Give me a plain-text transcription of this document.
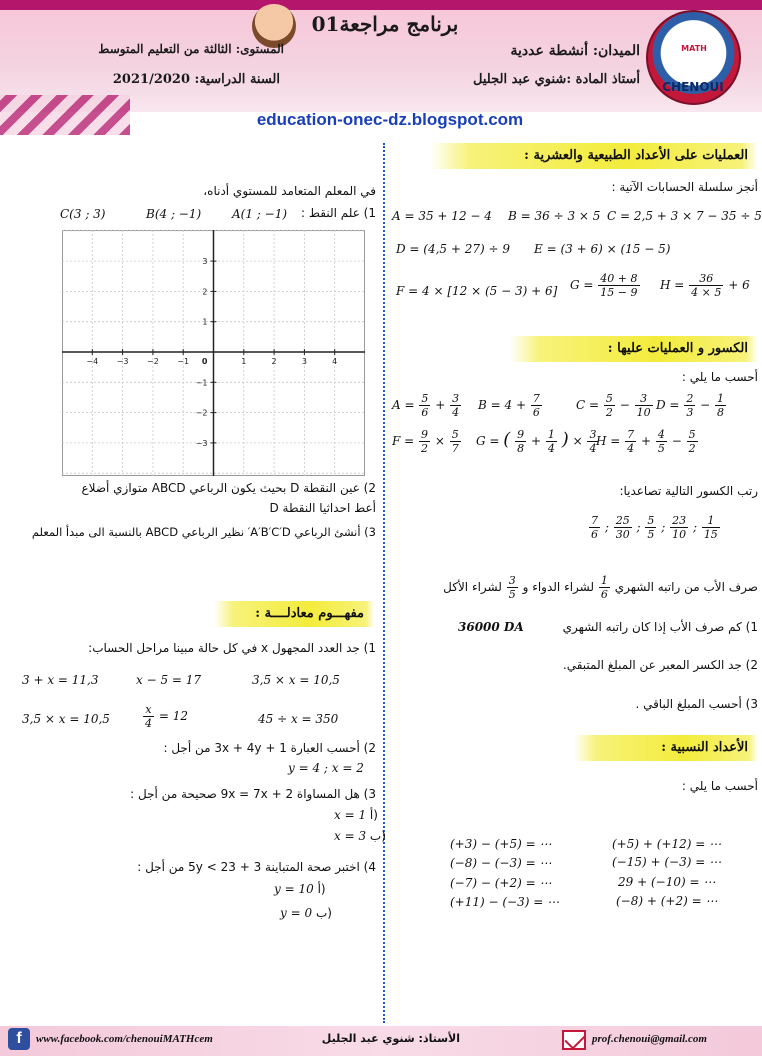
برنامج مراجعة01
الميدان: أنشطة عددية
أستاذ المادة :شنوي عبد الجليل
المستوى: الثالثة من التعليم المتوسط
السنة الدراسية: 2021/2020
MATH
CHENOUI
education-onec-dz.blogspot.com
العمليات على الأعداد الطبيعية والعشرية :
أنجز سلسلة الحسابات الآتية :
A = 35 + 12 − 4 B = 36 ÷ 3 × 5 C = 2,5 + 3 × 7 − 35 ÷ 5
D = (4,5 + 27) ÷ 9 E = (3 + 6) × (15 − 5)
F = 4 × [12 × (5 − 3) + 6] $G = \frac{40 + 8}{15 - 9}$ $H = \frac{36}{4 \times 5} + 6$
الكسور و العمليات عليها :
أحسب ما يلي :
$A = \frac{5}{6} + \frac{3}{4}$ $B = 4 + \frac{7}{6}$	$C = \frac{5}{2} - \frac{3}{10}$ $D = \frac{2}{3} - \frac{1}{8}$
$F = \frac{9}{2} \times \frac{5}{7}$ G = ( $\frac{9}{8} + \frac{1}{4}$ ) × $\frac{3}{4}$
$H = \frac{7}{4} + \frac{4}{5} - \frac{5}{2}$
رتب الكسور التالية تصاعديا:
$\frac{7}{6}$ ; $\frac{25}{30}$ ; $\frac{5}{5}$ ; $\frac{23}{10}$ ; $\frac{1}{15}$
صرف الأب من راتبه الشهري
$\frac{1}{6}$
لشراء الدواء و
$\frac{3}{5}$
لشراء الأكل
1) كم صرف الأب إذا كان راتبه الشهري
36000 DA
2) جد الكسر المعبر عن المبلغ المتبقي.
3) أحسب المبلغ الباقي .
الأعداد النسبية :
أحسب ما يلي :
(+5) + (+12) = ⋯
(−15) + (−3) = ⋯
29 + (−10) = ⋯
(−8) + (+2) = ⋯
(+3) − (+5) = ⋯
(−8) − (−3) = ⋯
(−7) − (+2) = ⋯
(+11) − (−3) = ⋯
في المعلم المتعامد للمستوي أدناه،
1) علم النقط :
A(1 ; −1)
B(4 ; −1)
C(3 ; 3)
−4 −3 −2 −1	1	2	3	4
3
2
1
−1
−2
−3
0
2) عين النقطة D بحيث يكون الرباعي ABCD متوازي أضلاع
أعط احداثيا النقطة D
3) أنشئ الرباعي A′B′C′D′ نظير الرباعي ABCD بالنسبة الى مبدأ المعلم
مفهـــوم معادلــــة :
1) جد العدد المجهول x في كل حالة مبينا مراحل الحساب:
3 + x = 11,3	x − 5 = 17	3,5 × x = 10,5
3,5 × x = 10,5	$\frac{x}{4} = 12$	45 ÷ x = 350
2) أحسب العبارة 3x + 4y + 1 من أجل :
y = 4 ; x = 2
3) هل المساواة 9x = 7x + 2 صحيحة من أجل :
x = 1 أ)
x = 3 ب)
4) اختبر صحة المتباينة 3 + 5y < 23 من أجل :
y = 10 أ)
y = 0 ب)
f	www.facebook.com/chenouiMATHcem	الأستاذ: شنوي عبد الجليل	prof.chenoui@gmail.com
